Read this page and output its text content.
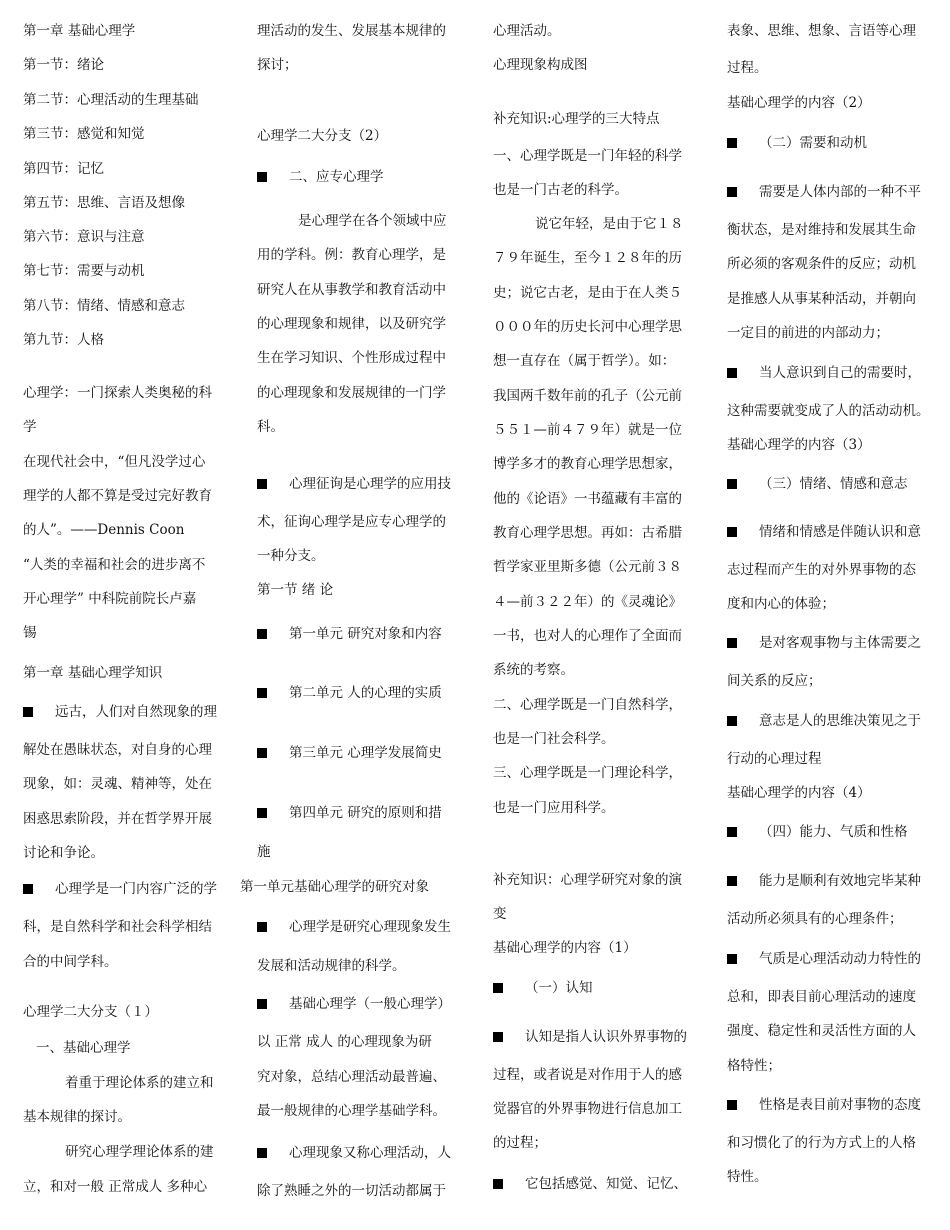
第一章 基础心理学
第一节：绪论
第二节：心理活动的生理基础
第三节：感觉和知觉
第四节：记忆
第五节：思维、言语及想像
第六节：意识与注意
第七节：需要与动机
第八节：情绪、情感和意志
第九节：人格
心理学：一门探索人类奥秘的科
学
在现代社会中，“但凡没学过心
理学的人都不算是受过完好教育
的人”。——Dennis Coon
“人类的幸福和社会的进步离不
开心理学” 中科院前院长卢嘉
锡
第一章 基础心理学知识
远古，人们对自然现象的理
解处在愚昧状态，对自身的心理
现象，如：灵魂、精神等，处在
困惑思索阶段，并在哲学界开展
讨论和争论。
心理学是一门内容广泛的学
科，是自然科学和社会科学相结
合的中间学科。
心理学二大分支（１）
一、基础心理学
着重于理论体系的建立和
基本规律的探讨。
研究心理学理论体系的建
立，和对一般 正常成人 多种心
理活动的发生、发展基本规律的
探讨；
心理学二大分支（2）
二、应专心理学
是心理学在各个领域中应
用的学科。例：教育心理学，是
研究人在从事教学和教育活动中
的心理现象和规律，以及研究学
生在学习知识、个性形成过程中
的心理现象和发展规律的一门学
科。
心理征询是心理学的应用技
术，征询心理学是应专心理学的
一种分支。
第一节 绪 论
第一单元 研究对象和内容
第二单元 人的心理的实质
第三单元 心理学发展简史
第四单元 研究的原则和措
施
第一单元基础心理学的研究对象
心理学是研究心理现象发生
发展和活动规律的科学。
基础心理学（一般心理学）
以 正常 成人 的心理现象为研
究对象，总结心理活动最普遍、
最一般规律的心理学基础学科。
心理现象又称心理活动，人
除了熟睡之外的一切活动都属于
心理活动。
心理现象构成图
补充知识:心理学的三大特点
一、心理学既是一门年轻的科学
也是一门古老的科学。
说它年轻，是由于它１８
７９年诞生，至今１２８年的历
史；说它古老，是由于在人类５
０００年的历史长河中心理学思
想一直存在（属于哲学）。如：
我国两千数年前的孔子（公元前
５５１—前４７９年）就是一位
博学多才的教育心理学思想家，
他的《论语》一书蕴藏有丰富的
教育心理学思想。再如：古希腊
哲学家亚里斯多德（公元前３８
４—前３２２年）的《灵魂论》
一书，也对人的心理作了全面而
系统的考察。
二、心理学既是一门自然科学，
也是一门社会科学。
三、心理学既是一门理论科学，
也是一门应用科学。
补充知识：心理学研究对象的演
变
基础心理学的内容（1）
（一）认知
认知是指人认识外界事物的
过程，或者说是对作用于人的感
觉器官的外界事物进行信息加工
的过程；
它包括感觉、知觉、记忆、
表象、思维、想象、言语等心理
过程。
基础心理学的内容（2）
（二）需要和动机
需要是人体内部的一种不平
衡状态，是对维持和发展其生命
所必须的客观条件的反应；动机
是推感人从事某种活动，并朝向
一定目的前进的内部动力；
当人意识到自己的需要时，
这种需要就变成了人的活动动机。
基础心理学的内容（3）
（三）情绪、情感和意志
情绪和情感是伴随认识和意
志过程而产生的对外界事物的态
度和内心的体验；
是对客观事物与主体需要之
间关系的反应；
意志是人的思维决策见之于
行动的心理过程
基础心理学的内容（4）
（四）能力、气质和性格
能力是顺利有效地完毕某种
活动所必须具有的心理条件；
气质是心理活动动力特性的
总和，即表目前心理活动的速度
强度、稳定性和灵活性方面的人
格特性；
性格是表目前对事物的态度
和习惯化了的行为方式上的人格
特性。
